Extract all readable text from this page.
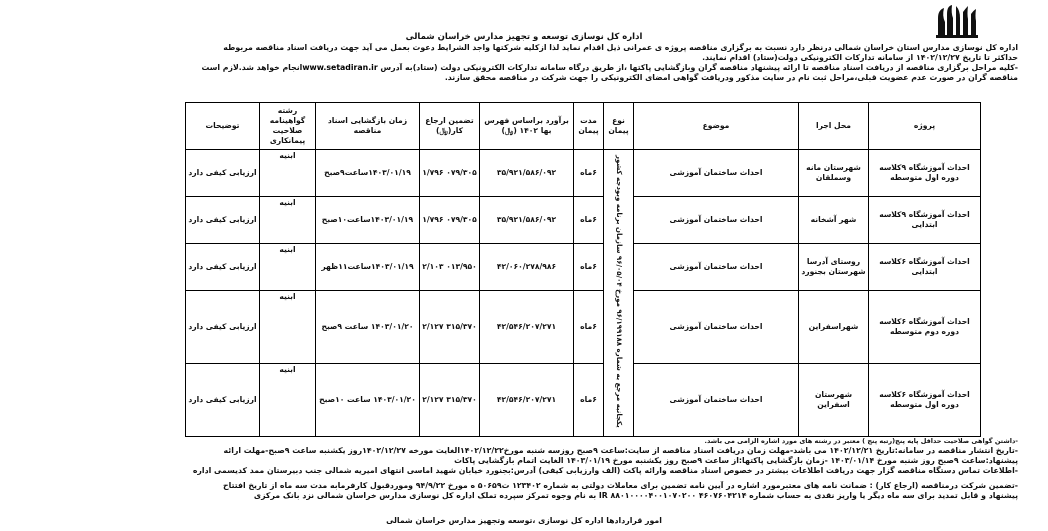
اداره کل نوسازی توسعه و تجهیز مدارس خراسان شمالی
اداره کل نوسازی مدارس استان خراسان شمالی درنظر دارد نسبت به برگزاری مناقصه پروژه ی عمرانی ذیل اقدام نماید لذا ازکلیه شرکتها واجد الشرایط دعوت بعمل می آید جهت دریافت اسناد مناقصه مربوطه
حداکثر تا تاریخ ۱۴۰۲/۱۲/۲۷ از سامانه تدارکات الکترونیکی دولت(ستاد) اقدام نمایند.
-کلیه مراحل برگزاری مناقصه از دریافت اسناد مناقصه تا ارائه پیشنهاد مناقصه گران وبازگشایی پاکتها ،از طریق درگاه سامانه تدارکات الکترونیکی دولت (ستاد)به آدرس www.setadiran.irانجام خواهد شد.لازم است
مناقصه گران در صورت عدم عضویت قبلی،مراحل ثبت نام در سایت مذکور ودریافت گواهی امضای الکترونیکی را جهت شرکت در مناقصه محقق سازند.
پروژه	محل اجرا	موضوع	نوع پیمان	مدت پیمان	برآورد براساس فهرس بها ۱۴۰۲ (﷼)	تضمین ارجاع کار(﷼)	زمان بازگشایی اسناد مناقصه	رشته گواهینامه صلاحیت پیمانکاری	توضیحات
احداث آموزشگاه ۹کلاسه دوره اول متوسطه	شهرستان مانه وسملقان	احداث ساختمان آموزشی	یکجانبه مرجع به شماره ۹۶/۱۹۹۱۸۸ مورخ ۹۶/۰۵/۰۴ سازمان برنامه وبودجه کشور	۶ماه	۳۵/۹۲۱/۵۸۶/۰۹۲	۰۷۹/۳۰۵ ۱/۷۹۶	۱۴۰۳/۰۱/۱۹ساعت۹صبح	ابنیه	ارزیابی کیفی دارد
احداث آموزشگاه ۹کلاسه ابتدایی	شهر آشخانه	احداث ساختمان آموزشی		۶ماه	۳۵/۹۲۱/۵۸۶/۰۹۲	۰۷۹/۳۰۵ ۱/۷۹۶	۱۴۰۳/۰۱/۱۹ساعت۱۰صبح	ابنیه	ارزیابی کیفی دارد
احداث آموزشگاه ۶کلاسه ابتدایی	روستای آدرسا شهرستان بجنورد	احداث ساختمان آموزشی		۶ماه	۴۲/۰۶۰/۲۷۸/۹۸۶	۰۱۳/۹۵۰ ۲/۱۰۳	۱۴۰۳/۰۱/۱۹ساعت۱۱ظهر	ابنیه	ارزیابی کیفی دارد
احداث آموزشگاه ۶کلاسه دوره دوم متوسطه	شهراسفراین	احداث ساختمان آموزشی		۶ماه	۴۲/۵۴۶/۲۰۷/۲۷۱	۳۱۵/۳۷۰ ۲/۱۲۷	۱۴۰۳/۰۱/۲۰ ساعت ۹صبح	ابنیه	ارزیابی کیفی دارد
احداث آموزشگاه ۶کلاسه دوره اول متوسطه	شهرستان اسفراین	احداث ساختمان آموزشی		۶ماه	۴۲/۵۴۶/۲۰۷/۲۷۱	۳۱۵/۳۷۰ ۲/۱۲۷	۱۴۰۳/۰۱/۲۰ ساعت ۱۰صبح	ابنیه	ارزیابی کیفی دارد
-داشتن گواهی صلاحیت حداقل پایه پنج(رتبه پنج ) معتبر در رشته های مورد اشاره الزامی می باشد.
-تاریخ انتشار مناقصه در سامانه:تاریخ ۱۴۰۲/۱۲/۲۱ می باشد-مهلت زمان دریافت اسناد مناقصه از سایت:ساعت ۹صبح روزسه شنبه مورخ۱۴۰۲/۱۲/۲۲الغایت مورخه ۱۴۰۲/۱۲/۲۷روز یکشنبه ساعت ۹صبح-مهلت ارائه
پیشنهاد:ساعت ۹صبح روز شنبه مورخ ۱۴۰۳/۰۱/۱۴ -زمان بازگشایی پاکتها:از ساعت ۹صبح روز یکشنبه مورخ ۱۴۰۳/۰۱/۱۹ الغایت اتمام بازگشایی پاکات
-اطلاعات تماس دستگاه مناقصه گزار جهت دریافت اطلاعات بیشتر در خصوص اسناد مناقصه وارائه پاکت (الف وارزیابی کیفی) آدرس:بجنورد خیابان شهید اماسی انتهای امیریه شمالی جنب دبیرستان ممد کدیسمی اداره
-تضمین شرکت درمناقصه (ارجاع کار) : ضمانت نامه های معتبرمورد اشاره در آیین نامه تضمین برای معاملات دولتی به شماره ۱۲۳۴۰۲ ت۵۰۶۵۹ ه مورخ ۹۴/۹/۲۲ وموردقبول کارفرمابه مدت سه ماه از تاریخ افتتاح
پیشنهاد و قابل تمدید برای سه ماه دیگر یا واریز نقدی به حساب شماره ۴۶۰۷۶۰۴۲۱۴ IR ۸۸۰۱۰۰۰۰۴۰۰۱۰۷۰۲۰۰ به نام وجوه تمرکز سپرده تملک اداره کل نوسازی مدارس خراسان شمالی نزد بانک مرکزی
امور قراردادها اداره کل نوسازی ،توسعه وتجهیز مدارس خراسان شمالی
